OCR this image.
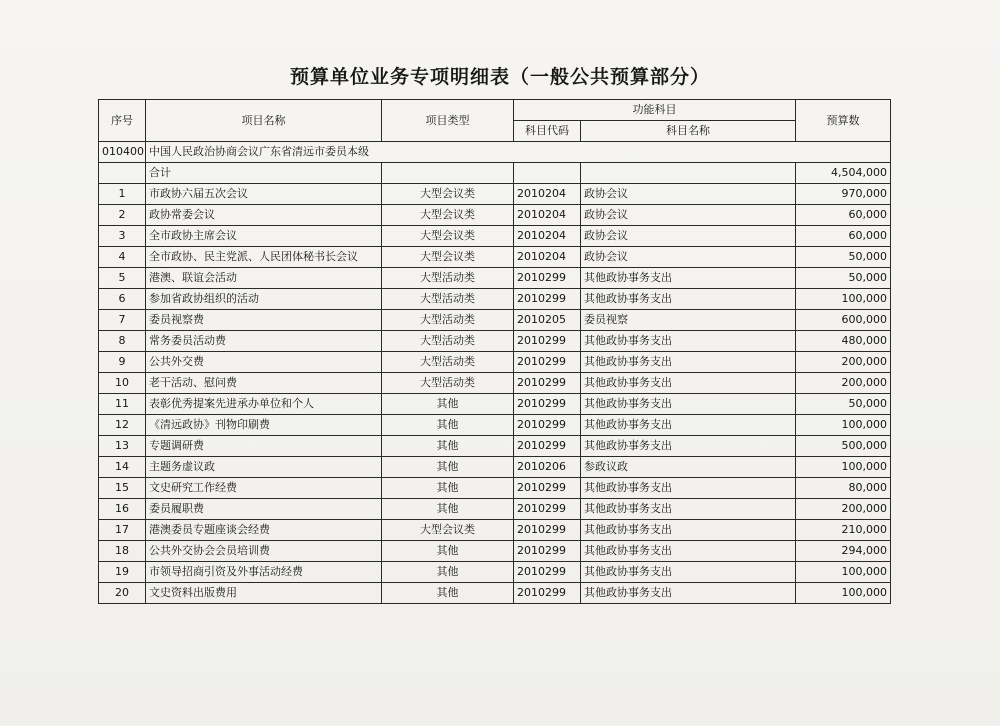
预算单位业务专项明细表（一般公共预算部分）
序号	项目名称	项目类型	功能科目		预算数
			科目代码	科目名称	
010400	中国人民政治协商会议广东省清远市委员本级				
	合计				4,504,000
1	市政协六届五次会议	大型会议类	2010204	政协会议	970,000
2	政协常委会议	大型会议类	2010204	政协会议	60,000
3	全市政协主席会议	大型会议类	2010204	政协会议	60,000
4	全市政协、民主党派、人民团体秘书长会议	大型会议类	2010204	政协会议	50,000
5	港澳、联谊会活动	大型活动类	2010299	其他政协事务支出	50,000
6	参加省政协组织的活动	大型活动类	2010299	其他政协事务支出	100,000
7	委员视察费	大型活动类	2010205	委员视察	600,000
8	常务委员活动费	大型活动类	2010299	其他政协事务支出	480,000
9	公共外交费	大型活动类	2010299	其他政协事务支出	200,000
10	老干活动、慰问费	大型活动类	2010299	其他政协事务支出	200,000
11	表彰优秀提案先进承办单位和个人	其他	2010299	其他政协事务支出	50,000
12	《清远政协》刊物印刷费	其他	2010299	其他政协事务支出	100,000
13	专题调研费	其他	2010299	其他政协事务支出	500,000
14	主题务虚议政	其他	2010206	参政议政	100,000
15	文史研究工作经费	其他	2010299	其他政协事务支出	80,000
16	委员履职费	其他	2010299	其他政协事务支出	200,000
17	港澳委员专题座谈会经费	大型会议类	2010299	其他政协事务支出	210,000
18	公共外交协会会员培训费	其他	2010299	其他政协事务支出	294,000
19	市领导招商引资及外事活动经费	其他	2010299	其他政协事务支出	100,000
20	文史资料出版费用	其他	2010299	其他政协事务支出	100,000
